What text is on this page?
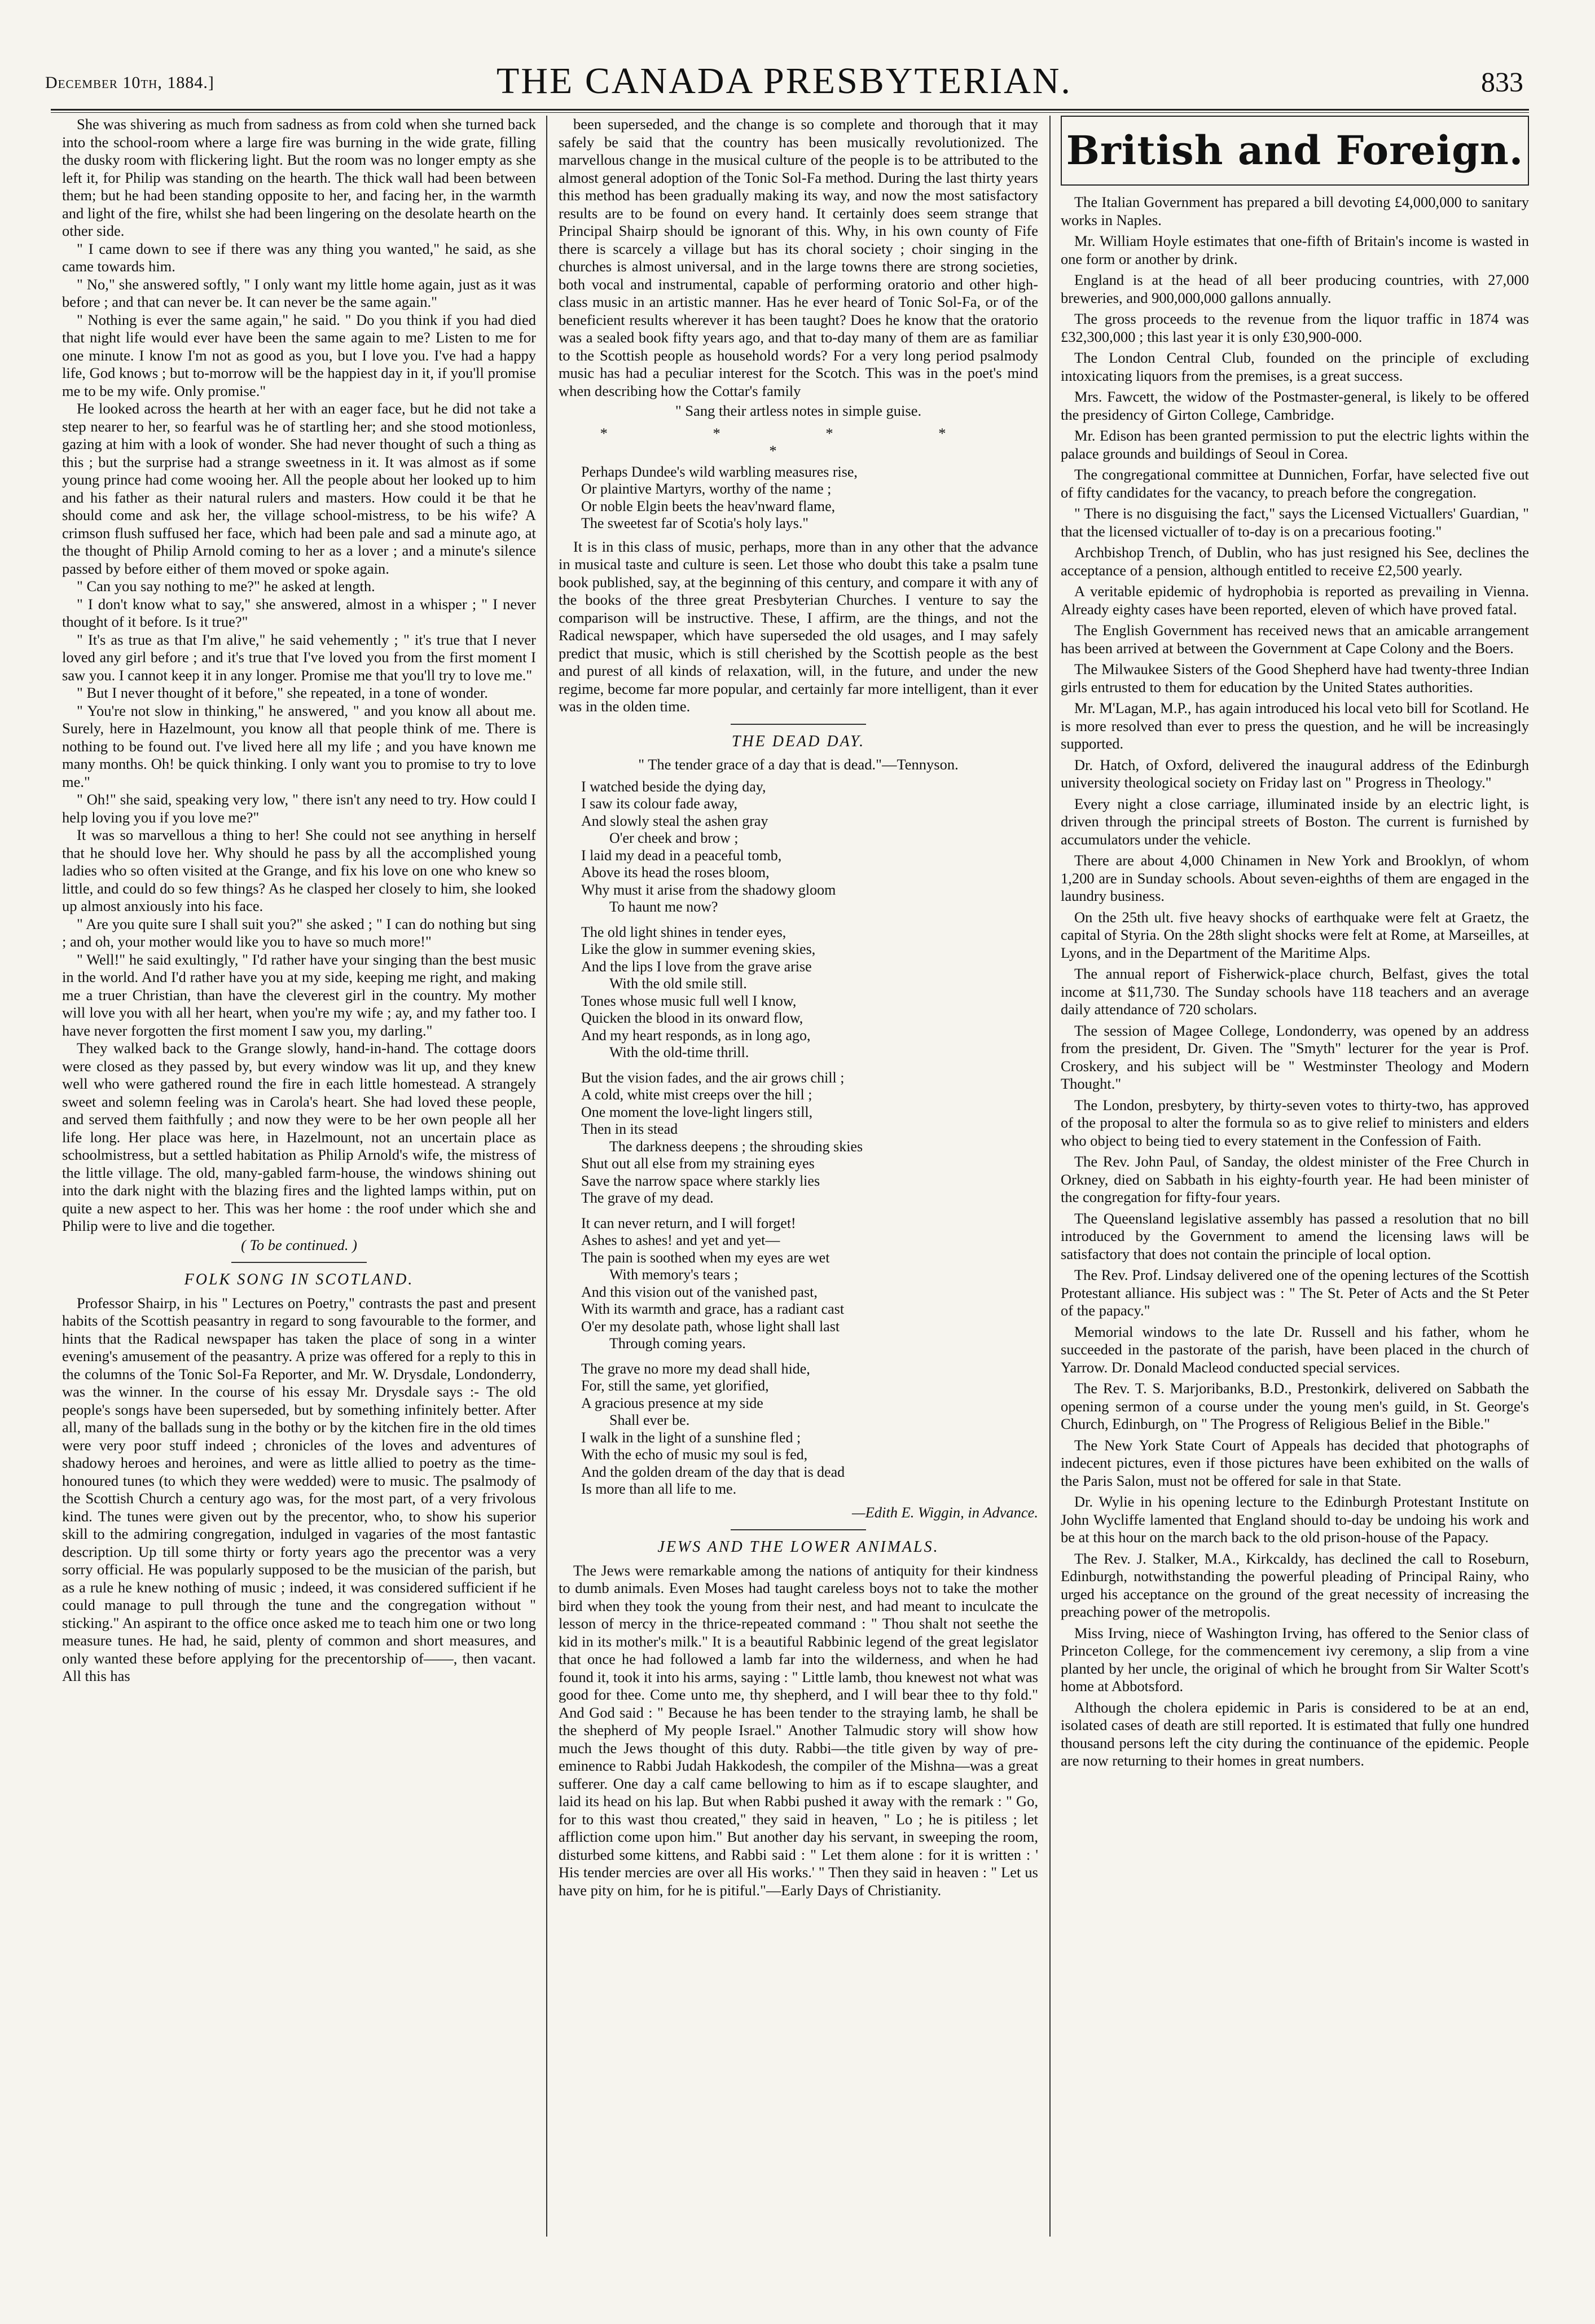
December 10th, 1884.]	THE CANADA PRESBYTERIAN.	833

She was shivering as much from sadness as from cold when she turned back into the school-room where a large fire was burning in the wide grate, filling the dusky room with flickering light. But the room was no longer empty as she left it, for Philip was standing on the hearth. The thick wall had been between them; but he had been standing opposite to her, and facing her, in the warmth and light of the fire, whilst she had been lingering on the desolate hearth on the other side.

" I came down to see if there was any thing you wanted," he said, as she came towards him.

" No," she answered softly, " I only want my little home again, just as it was before ; and that can never be. It can never be the same again."

" Nothing is ever the same again," he said. " Do you think if you had died that night life would ever have been the same again to me? Listen to me for one minute. I know I'm not as good as you, but I love you. I've had a happy life, God knows ; but to-morrow will be the happiest day in it, if you'll promise me to be my wife. Only promise."

He looked across the hearth at her with an eager face, but he did not take a step nearer to her, so fearful was he of startling her; and she stood motionless, gazing at him with a look of wonder. She had never thought of such a thing as this ; but the surprise had a strange sweetness in it. It was almost as if some young prince had come wooing her. All the people about her looked up to him and his father as their natural rulers and masters. How could it be that he should come and ask her, the village school-mistress, to be his wife? A crimson flush suffused her face, which had been pale and sad a minute ago, at the thought of Philip Arnold coming to her as a lover ; and a minute's silence passed by before either of them moved or spoke again.

" Can you say nothing to me?" he asked at length.

" I don't know what to say," she answered, almost in a whisper ; " I never thought of it before. Is it true?"

" It's as true as that I'm alive," he said vehemently ; " it's true that I never loved any girl before ; and it's true that I've loved you from the first moment I saw you. I cannot keep it in any longer. Promise me that you'll try to love me."

" But I never thought of it before," she repeated, in a tone of wonder.

" You're not slow in thinking," he answered, " and you know all about me. Surely, here in Hazelmount, you know all that people think of me. There is nothing to be found out. I've lived here all my life ; and you have known me many months. Oh! be quick thinking. I only want you to promise to try to love me."

" Oh!" she said, speaking very low, " there isn't any need to try. How could I help loving you if you love me?"

It was so marvellous a thing to her! She could not see anything in herself that he should love her. Why should he pass by all the accomplished young ladies who so often visited at the Grange, and fix his love on one who knew so little, and could do so few things? As he clasped her closely to him, she looked up almost anxiously into his face.

" Are you quite sure I shall suit you?" she asked ; " I can do nothing but sing ; and oh, your mother would like you to have so much more!"

" Well!" he said exultingly, " I'd rather have your singing than the best music in the world. And I'd rather have you at my side, keeping me right, and making me a truer Christian, than have the cleverest girl in the country. My mother will love you with all her heart, when you're my wife ; ay, and my father too. I have never forgotten the first moment I saw you, my darling."

They walked back to the Grange slowly, hand-in-hand. The cottage doors were closed as they passed by, but every window was lit up, and they knew well who were gathered round the fire in each little homestead. A strangely sweet and solemn feeling was in Carola's heart. She had loved these people, and served them faithfully ; and now they were to be her own people all her life long. Her place was here, in Hazelmount, not an uncertain place as schoolmistress, but a settled habitation as Philip Arnold's wife, the mistress of the little village. The old, many-gabled farm-house, the windows shining out into the dark night with the blazing fires and the lighted lamps within, put on quite a new aspect to her. This was her home : the roof under which she and Philip were to live and die together.

( To be continued. )
FOLK SONG IN SCOTLAND.

Professor Shairp, in his " Lectures on Poetry," contrasts the past and present habits of the Scottish peasantry in regard to song favourable to the former, and hints that the Radical newspaper has taken the place of song in a winter evening's amusement of the peasantry. A prize was offered for a reply to this in the columns of the Tonic Sol-Fa Reporter, and Mr. W. Drysdale, Londonderry, was the winner. In the course of his essay Mr. Drysdale says :- The old people's songs have been superseded, but by something infinitely better. After all, many of the ballads sung in the bothy or by the kitchen fire in the old times were very poor stuff indeed ; chronicles of the loves and adventures of shadowy heroes and heroines, and were as little allied to poetry as the time-honoured tunes (to which they were wedded) were to music. The psalmody of the Scottish Church a century ago was, for the most part, of a very frivolous kind. The tunes were given out by the precentor, who, to show his superior skill to the admiring congregation, indulged in vagaries of the most fantastic description. Up till some thirty or forty years ago the precentor was a very sorry official. He was popularly supposed to be the musician of the parish, but as a rule he knew nothing of music ; indeed, it was considered sufficient if he could manage to pull through the tune and the congregation without " sticking." An aspirant to the office once asked me to teach him one or two long measure tunes. He had, he said, plenty of common and short measures, and only wanted these before applying for the precentorship of——, then vacant. All this has

been superseded, and the change is so complete and thorough that it may safely be said that the country has been musically revolutionized. The marvellous change in the musical culture of the people is to be attributed to the almost general adoption of the Tonic Sol-Fa method. During the last thirty years this method has been gradually making its way, and now the most satisfactory results are to be found on every hand. It certainly does seem strange that Principal Shairp should be ignorant of this. Why, in his own county of Fife there is scarcely a village but has its choral society ; choir singing in the churches is almost universal, and in the large towns there are strong societies, both vocal and instrumental, capable of performing oratorio and other high-class music in an artistic manner. Has he ever heard of Tonic Sol-Fa, or of the beneficient results wherever it has been taught? Does he know that the oratorio was a sealed book fifty years ago, and that to-day many of them are as familiar to the Scottish people as household words? For a very long period psalmody music has had a peculiar interest for the Scotch. This was in the poet's mind when describing how the Cottar's family

" Sang their artless notes in simple guise.
* * * * *
Perhaps Dundee's wild warbling measures rise,
Or plaintive Martyrs, worthy of the name ;
Or noble Elgin beets the heav'nward flame,
The sweetest far of Scotia's holy lays."

It is in this class of music, perhaps, more than in any other that the advance in musical taste and culture is seen. Let those who doubt this take a psalm tune book published, say, at the beginning of this century, and compare it with any of the books of the three great Presbyterian Churches. I venture to say the comparison will be instructive. These, I affirm, are the things, and not the Radical newspaper, which have superseded the old usages, and I may safely predict that music, which is still cherished by the Scottish people as the best and purest of all kinds of relaxation, will, in the future, and under the new regime, become far more popular, and certainly far more intelligent, than it ever was in the olden time.

THE DEAD DAY.
" The tender grace of a day that is dead."—Tennyson.
I watched beside the dying day,
I saw its colour fade away,
And slowly steal the ashen gray
O'er cheek and brow ;
I laid my dead in a peaceful tomb,
Above its head the roses bloom,
Why must it arise from the shadowy gloom
To haunt me now?
The old light shines in tender eyes,
Like the glow in summer evening skies,
And the lips I love from the grave arise
With the old smile still.
Tones whose music full well I know,
Quicken the blood in its onward flow,
And my heart responds, as in long ago,
With the old-time thrill.
But the vision fades, and the air grows chill ;
A cold, white mist creeps over the hill ;
One moment the love-light lingers still,
Then in its stead
The darkness deepens ; the shrouding skies
Shut out all else from my straining eyes
Save the narrow space where starkly lies
The grave of my dead.
It can never return, and I will forget!
Ashes to ashes! and yet and yet—
The pain is soothed when my eyes are wet
With memory's tears ;
And this vision out of the vanished past,
With its warmth and grace, has a radiant cast
O'er my desolate path, whose light shall last
Through coming years.
The grave no more my dead shall hide,
For, still the same, yet glorified,
A gracious presence at my side
Shall ever be.
I walk in the light of a sunshine fled ;
With the echo of music my soul is fed,
And the golden dream of the day that is dead
Is more than all life to me.
—Edith E. Wiggin, in Advance.
JEWS AND THE LOWER ANIMALS.

The Jews were remarkable among the nations of antiquity for their kindness to dumb animals. Even Moses had taught careless boys not to take the mother bird when they took the young from their nest, and had meant to inculcate the lesson of mercy in the thrice-repeated command : " Thou shalt not seethe the kid in its mother's milk." It is a beautiful Rabbinic legend of the great legislator that once he had followed a lamb far into the wilderness, and when he had found it, took it into his arms, saying : " Little lamb, thou knewest not what was good for thee. Come unto me, thy shepherd, and I will bear thee to thy fold." And God said : " Because he has been tender to the straying lamb, he shall be the shepherd of My people Israel." Another Talmudic story will show how much the Jews thought of this duty. Rabbi—the title given by way of pre-eminence to Rabbi Judah Hakkodesh, the compiler of the Mishna—was a great sufferer. One day a calf came bellowing to him as if to escape slaughter, and laid its head on his lap. But when Rabbi pushed it away with the remark : " Go, for to this wast thou created," they said in heaven, " Lo ; he is pitiless ; let affliction come upon him." But another day his servant, in sweeping the room, disturbed some kittens, and Rabbi said : " Let them alone : for it is written : ' His tender mercies are over all His works.' " Then they said in heaven : " Let us have pity on him, for he is pitiful."—Early Days of Christianity.

British and Foreign.

The Italian Government has prepared a bill devoting £4,000,000 to sanitary works in Naples.

Mr. William Hoyle estimates that one-fifth of Britain's income is wasted in one form or another by drink.

England is at the head of all beer producing countries, with 27,000 breweries, and 900,000,000 gallons annually.

The gross proceeds to the revenue from the liquor traffic in 1874 was £32,300,000 ; this last year it is only £30,900-000.

The London Central Club, founded on the principle of excluding intoxicating liquors from the premises, is a great success.

Mrs. Fawcett, the widow of the Postmaster-general, is likely to be offered the presidency of Girton College, Cambridge.

Mr. Edison has been granted permission to put the electric lights within the palace grounds and buildings of Seoul in Corea.

The congregational committee at Dunnichen, Forfar, have selected five out of fifty candidates for the vacancy, to preach before the congregation.

" There is no disguising the fact," says the Licensed Victuallers' Guardian, " that the licensed victualler of to-day is on a precarious footing."

Archbishop Trench, of Dublin, who has just resigned his See, declines the acceptance of a pension, although entitled to receive £2,500 yearly.

A veritable epidemic of hydrophobia is reported as prevailing in Vienna. Already eighty cases have been reported, eleven of which have proved fatal.

The English Government has received news that an amicable arrangement has been arrived at between the Government at Cape Colony and the Boers.

The Milwaukee Sisters of the Good Shepherd have had twenty-three Indian girls entrusted to them for education by the United States authorities.

Mr. M'Lagan, M.P., has again introduced his local veto bill for Scotland. He is more resolved than ever to press the question, and he will be increasingly supported.

Dr. Hatch, of Oxford, delivered the inaugural address of the Edinburgh university theological society on Friday last on " Progress in Theology."

Every night a close carriage, illuminated inside by an electric light, is driven through the principal streets of Boston. The current is furnished by accumulators under the vehicle.

There are about 4,000 Chinamen in New York and Brooklyn, of whom 1,200 are in Sunday schools. About seven-eighths of them are engaged in the laundry business.

On the 25th ult. five heavy shocks of earthquake were felt at Graetz, the capital of Styria. On the 28th slight shocks were felt at Rome, at Marseilles, at Lyons, and in the Department of the Maritime Alps.

The annual report of Fisherwick-place church, Belfast, gives the total income at $11,730. The Sunday schools have 118 teachers and an average daily attendance of 720 scholars.

The session of Magee College, Londonderry, was opened by an address from the president, Dr. Given. The "Smyth" lecturer for the year is Prof. Croskery, and his subject will be " Westminster Theology and Modern Thought."

The London, presbytery, by thirty-seven votes to thirty-two, has approved of the proposal to alter the formula so as to give relief to ministers and elders who object to being tied to every statement in the Confession of Faith.

The Rev. John Paul, of Sanday, the oldest minister of the Free Church in Orkney, died on Sabbath in his eighty-fourth year. He had been minister of the congregation for fifty-four years.

The Queensland legislative assembly has passed a resolution that no bill introduced by the Government to amend the licensing laws will be satisfactory that does not contain the principle of local option.

The Rev. Prof. Lindsay delivered one of the opening lectures of the Scottish Protestant alliance. His subject was : " The St. Peter of Acts and the St Peter of the papacy."

Memorial windows to the late Dr. Russell and his father, whom he succeeded in the pastorate of the parish, have been placed in the church of Yarrow. Dr. Donald Macleod conducted special services.

The Rev. T. S. Marjoribanks, B.D., Prestonkirk, delivered on Sabbath the opening sermon of a course under the young men's guild, in St. George's Church, Edinburgh, on " The Progress of Religious Belief in the Bible."

The New York State Court of Appeals has decided that photographs of indecent pictures, even if those pictures have been exhibited on the walls of the Paris Salon, must not be offered for sale in that State.

Dr. Wylie in his opening lecture to the Edinburgh Protestant Institute on John Wycliffe lamented that England should to-day be undoing his work and be at this hour on the march back to the old prison-house of the Papacy.

The Rev. J. Stalker, M.A., Kirkcaldy, has declined the call to Roseburn, Edinburgh, notwithstanding the powerful pleading of Principal Rainy, who urged his acceptance on the ground of the great necessity of increasing the preaching power of the metropolis.

Miss Irving, niece of Washington Irving, has offered to the Senior class of Princeton College, for the commencement ivy ceremony, a slip from a vine planted by her uncle, the original of which he brought from Sir Walter Scott's home at Abbotsford.

Although the cholera epidemic in Paris is considered to be at an end, isolated cases of death are still reported. It is estimated that fully one hundred thousand persons left the city during the continuance of the epidemic. People are now returning to their homes in great numbers.
